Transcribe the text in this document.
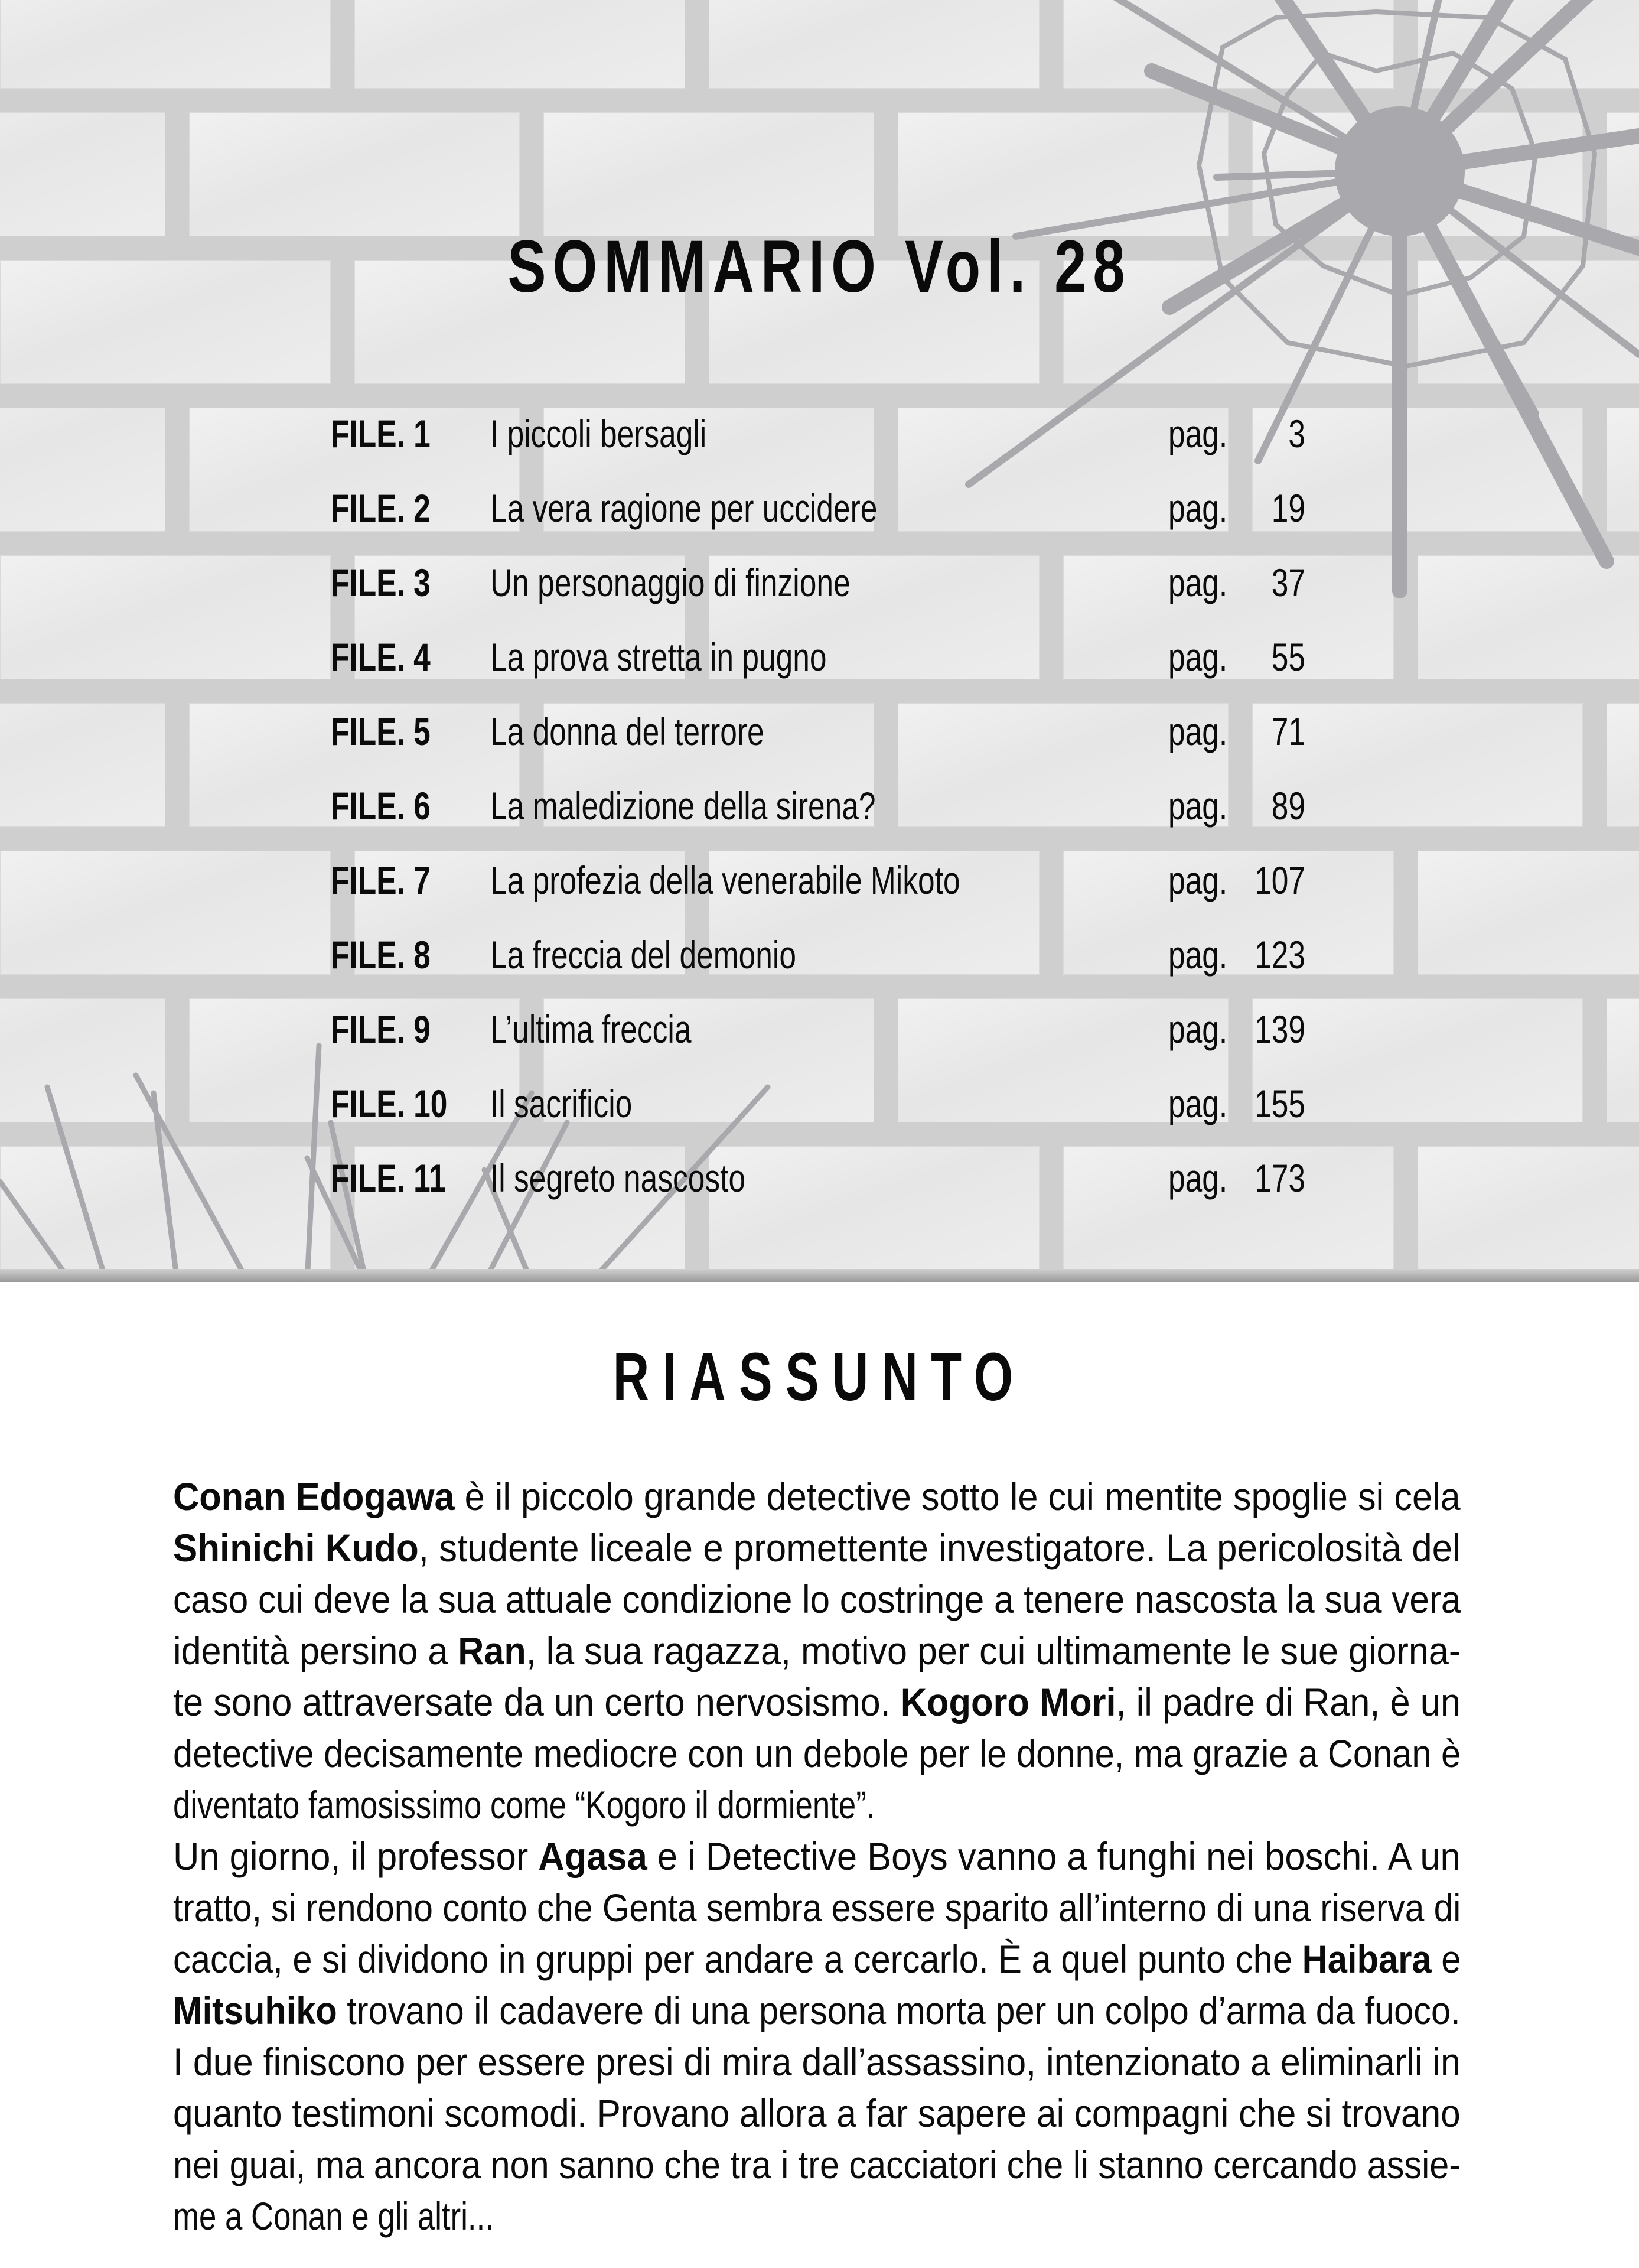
SOMMARIO Vol. 28
FILE. 1 I piccoli bersagli	pag.	3
FILE. 2 La vera ragione per uccidere	pag.	19
FILE. 3 Un personaggio di finzione	pag.	37
FILE. 4 La prova stretta in pugno	pag.	55
FILE. 5 La donna del terrore	pag.	71
FILE. 6 La maledizione della sirena?	pag.	89
FILE. 7 La profezia della venerabile Mikoto	pag. 107
FILE. 8 La freccia del demonio	pag. 123
FILE. 9 L’ultima freccia	pag. 139
FILE. 10 Il sacrificio	pag. 155
FILE. 11 Il segreto nascosto	pag. 173
RIASSUNTO
Conan Edogawa è il piccolo grande detective sotto le cui mentite spoglie si cela
Shinichi Kudo, studente liceale e promettente investigatore. La pericolosità del
caso cui deve la sua attuale condizione lo costringe a tenere nascosta la sua vera
identità persino a Ran, la sua ragazza, motivo per cui ultimamente le sue giorna-
te sono attraversate da un certo nervosismo. Kogoro Mori, il padre di Ran, è un
detective decisamente mediocre con un debole per le donne, ma grazie a Conan è
diventato famosissimo come “Kogoro il dormiente”.
Un giorno, il professor Agasa e i Detective Boys vanno a funghi nei boschi. A un
tratto, si rendono conto che Genta sembra essere sparito all’interno di una riserva di
caccia, e si dividono in gruppi per andare a cercarlo. È a quel punto che Haibara e
Mitsuhiko trovano il cadavere di una persona morta per un colpo d’arma da fuoco.
I due finiscono per essere presi di mira dall’assassino, intenzionato a eliminarli in
quanto testimoni scomodi. Provano allora a far sapere ai compagni che si trovano
nei guai, ma ancora non sanno che tra i tre cacciatori che li stanno cercando assie-
me a Conan e gli altri...
